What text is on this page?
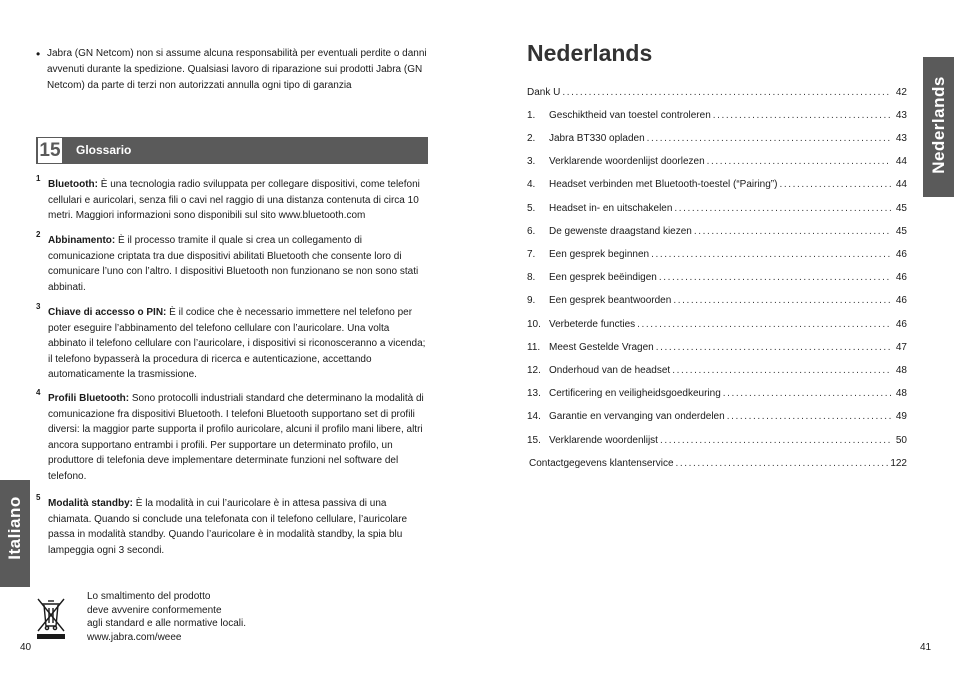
• Jabra (GN Netcom) non si assume alcuna responsabilità per eventuali perdite o danni avvenuti durante la spedizione. Qualsiasi lavoro di riparazione sui prodotti Jabra (GN Netcom) da parte di terzi non autorizzati annulla ogni tipo di garanzia
15 Glossario
1
Bluetooth: È una tecnologia radio sviluppata per collegare dispositivi, come telefoni cellulari e auricolari, senza fili o cavi nel raggio di una distanza contenuta di circa 10 metri. Maggiori informazioni sono disponibili sul sito www.bluetooth.com
2
Abbinamento: È il processo tramite il quale si crea un collegamento di comunicazione criptata tra due dispositivi abilitati Bluetooth che consente loro di comunicare l’uno con l’altro. I dispositivi Bluetooth non funzionano se non sono stati abbinati.
3
Chiave di accesso o PIN: È il codice che è necessario immettere nel telefono per poter eseguire l’abbinamento del telefono cellulare con l’auricolare. Una volta abbinato il telefono cellulare con l’auricolare, i dispositivi si riconosceranno a vicenda; il telefono bypasserà la procedura di ricerca e autenticazione, accettando automaticamente la trasmissione.
4
Profili Bluetooth: Sono protocolli industriali standard che determinano la modalità di comunicazione fra dispositivi Bluetooth. I telefoni Bluetooth supportano set di profili diversi: la maggior parte supporta il profilo auricolare, alcuni il profilo mani libere, altri ancora supportano entrambi i profili. Per supportare un determinato profilo, un produttore di telefonia deve implementare determinate funzioni nel software del telefono.
5
Modalità standby: È la modalità in cui l’auricolare è in attesa passiva di una chiamata. Quando si conclude una telefonata con il telefono cellulare, l’auricolare passa in modalità standby. Quando l’auricolare è in modalità standby, la spia blu lampeggia ogni 3 secondi.
Italiano
Lo smaltimento del prodotto
deve avvenire conformemente
agli standard e alle normative locali.
www.jabra.com/weee
40
Nederlands
Dank U .....	42
1.	Geschiktheid van toestel controleren .....	43
2.	Jabra BT330 opladen .....	43
3.	Verklarende woordenlijst doorlezen .....	44
4.	Headset verbinden met Bluetooth-toestel (“Pairing”) .....	44
5.	Headset in- en uitschakelen .....	45
6.	De gewenste draagstand kiezen .....	45
7.	Een gesprek beginnen .....	46
8.	Een gesprek beëindigen .....	46
9.	Een gesprek beantwoorden .....	46
10. Verbeterde functies .....	46
11. Meest Gestelde Vragen .....	47
12. Onderhoud van de headset .....	48
13. Certificering en veiligheidsgoedkeuring .....	48
14. Garantie en vervanging van onderdelen .....	49
15. Verklarende woordenlijst .....	50
Contactgegevens klantenservice .....	122
Nederlands
41
